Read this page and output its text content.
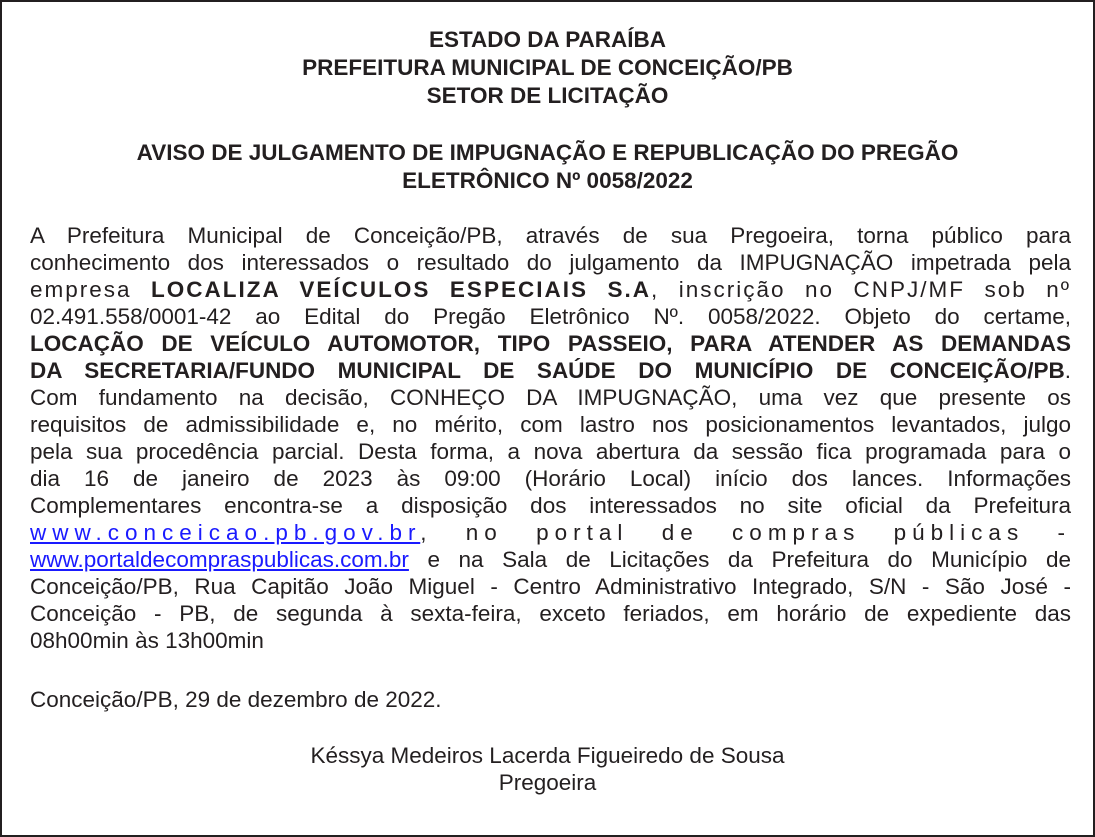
ESTADO DA PARAÍBA
PREFEITURA MUNICIPAL DE CONCEIÇÃO/PB
SETOR DE LICITAÇÃO
AVISO DE JULGAMENTO DE IMPUGNAÇÃO E REPUBLICAÇÃO DO PREGÃO
ELETRÔNICO Nº 0058/2022
A Prefeitura Municipal de Conceição/PB, através de sua Pregoeira, torna público para
conhecimento dos interessados o resultado do julgamento da IMPUGNAÇÃO impetrada pela
empresa LOCALIZA VEÍCULOS ESPECIAIS S.A, inscrição no CNPJ/MF sob nº
02.491.558/0001-42 ao Edital do Pregão Eletrônico Nº. 0058/2022. Objeto do certame,
LOCAÇÃO DE VEÍCULO AUTOMOTOR, TIPO PASSEIO, PARA ATENDER AS DEMANDAS
DA SECRETARIA/FUNDO MUNICIPAL DE SAÚDE DO MUNICÍPIO DE CONCEIÇÃO/PB.
Com fundamento na decisão, CONHEÇO DA IMPUGNAÇÃO, uma vez que presente os
requisitos de admissibilidade e, no mérito, com lastro nos posicionamentos levantados, julgo
pela sua procedência parcial. Desta forma, a nova abertura da sessão fica programada para o
dia 16 de janeiro de 2023 às 09:00 (Horário Local) início dos lances. Informações
Complementares encontra-se a disposição dos interessados no site oficial da Prefeitura
www.conceicao.pb.gov.br, no portal de compras públicas -
www.portaldecompraspublicas.com.br e na Sala de Licitações da Prefeitura do Município de
Conceição/PB, Rua Capitão João Miguel - Centro Administrativo Integrado, S/N - São José -
Conceição - PB, de segunda à sexta-feira, exceto feriados, em horário de expediente das
08h00min às 13h00min
Conceição/PB, 29 de dezembro de 2022.
Késsya Medeiros Lacerda Figueiredo de Sousa
Pregoeira
